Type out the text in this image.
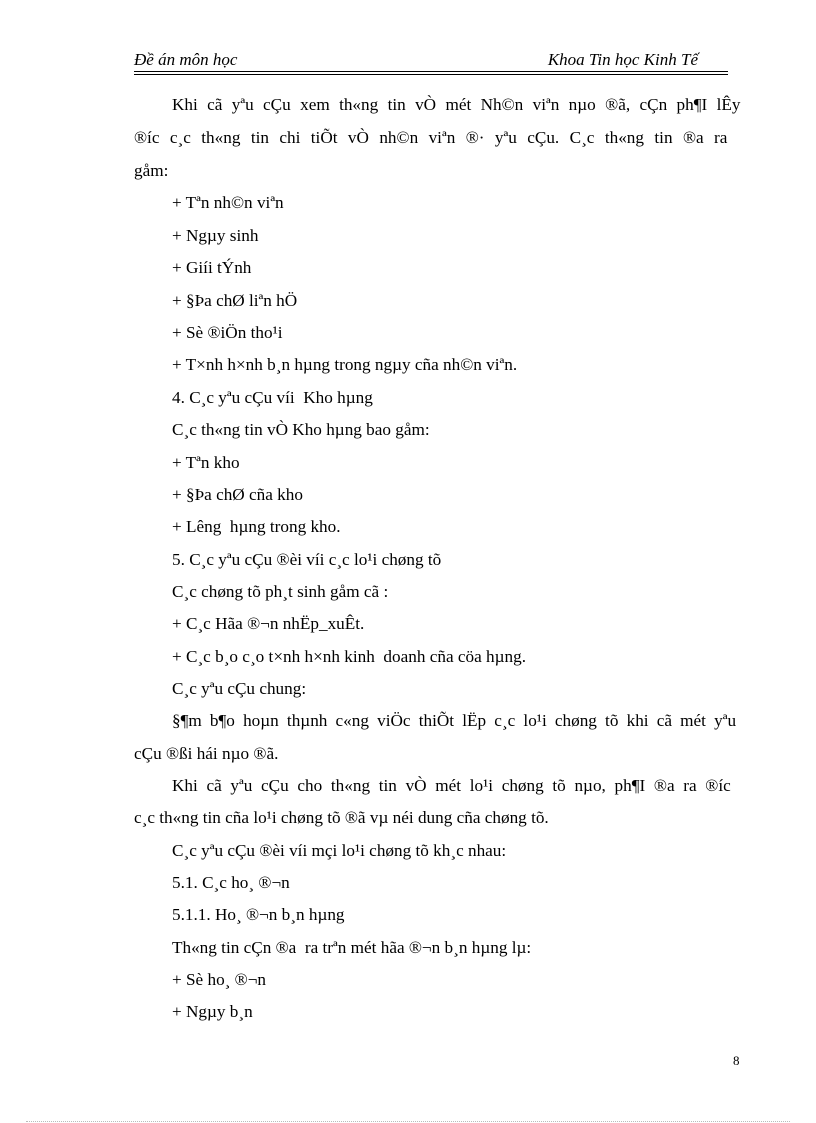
Đề án môn học	Khoa Tin học Kinh Tế
Khi cã yªu cÇu xem th«ng tin vÒ mét Nh©n viªn nµo ®ã, cÇn ph¶I lÊy
®íc c¸c th«ng tin chi tiÕt vÒ nh©n viªn ®· yªu cÇu. C¸c th«ng tin ®a ra
gåm:
+ Tªn nh©n viªn
+ Ngµy sinh
+ Giíi tÝnh
+ §Þa chØ liªn hÖ
+ Sè ®iÖn tho¹i
+ T×nh h×nh b¸n hµng trong ngµy cña nh©n viªn.
4. C¸c yªu cÇu víi  Kho hµng
C¸c th«ng tin vÒ Kho hµng bao gåm:
+ Tªn kho
+ §Þa chØ cña kho
+ Lêng  hµng trong kho.
5. C¸c yªu cÇu ®èi víi c¸c lo¹i chøng tõ
C¸c chøng tõ ph¸t sinh gåm cã :
+ C¸c Hãa ®¬n nhËp_xuÊt.
+ C¸c b¸o c¸o t×nh h×nh kinh  doanh cña cöa hµng.
C¸c yªu cÇu chung:
§¶m b¶o hoµn thµnh c«ng viÖc thiÕt lËp c¸c lo¹i chøng tõ khi cã mét yªu
cÇu ®ßi hái nµo ®ã.
Khi cã yªu cÇu cho th«ng tin vÒ mét lo¹i chøng tõ nµo, ph¶I ®a ra ®íc
c¸c th«ng tin cña lo¹i chøng tõ ®ã vµ néi dung cña chøng tõ.
C¸c yªu cÇu ®èi víi mçi lo¹i chøng tõ kh¸c nhau:
5.1. C¸c ho¸ ®¬n
5.1.1. Ho¸ ®¬n b¸n hµng
Th«ng tin cÇn ®a  ra trªn mét hãa ®¬n b¸n hµng lµ:
+ Sè ho¸ ®¬n
+ Ngµy b¸n
8
